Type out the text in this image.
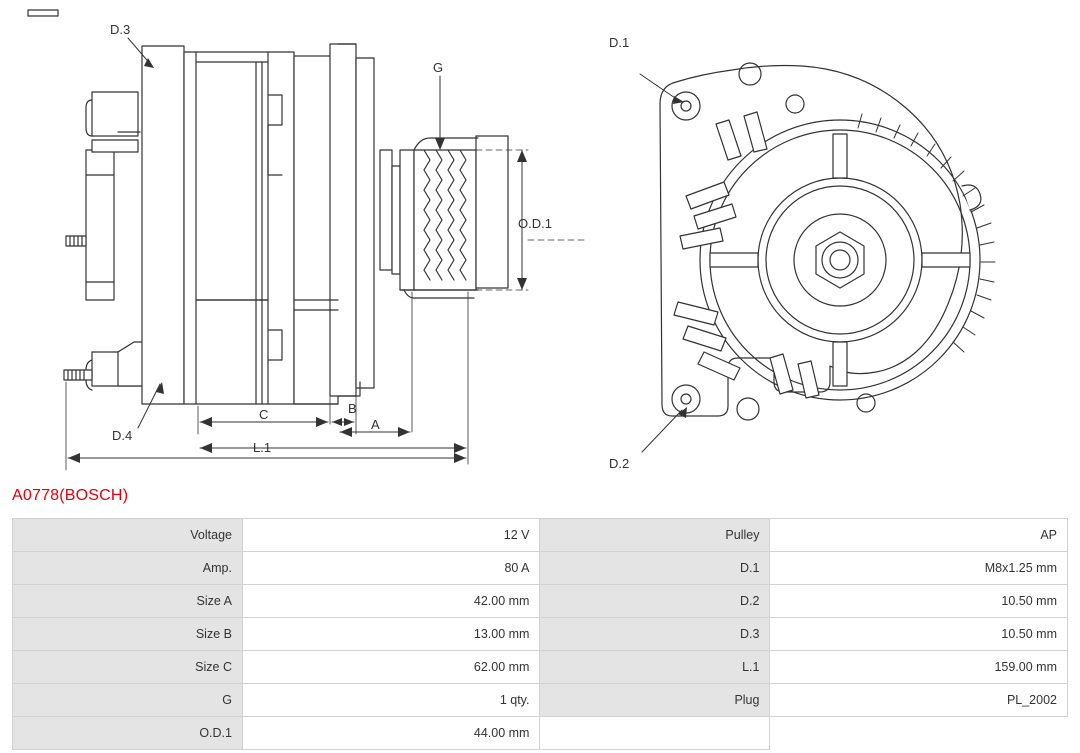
D.3
D.4
G
O.D.1
C	B
A
L.1
D.1
D.2
A0778(BOSCH)
Voltage	12 V	Pulley	AP
Amp.	80 A	D.1	M8x1.25 mm
Size A	42.00 mm	D.2	10.50 mm
Size B	13.00 mm	D.3	10.50 mm
Size C	62.00 mm	L.1	159.00 mm
G	1 qty.	Plug	PL_2002
O.D.1	44.00 mm		
